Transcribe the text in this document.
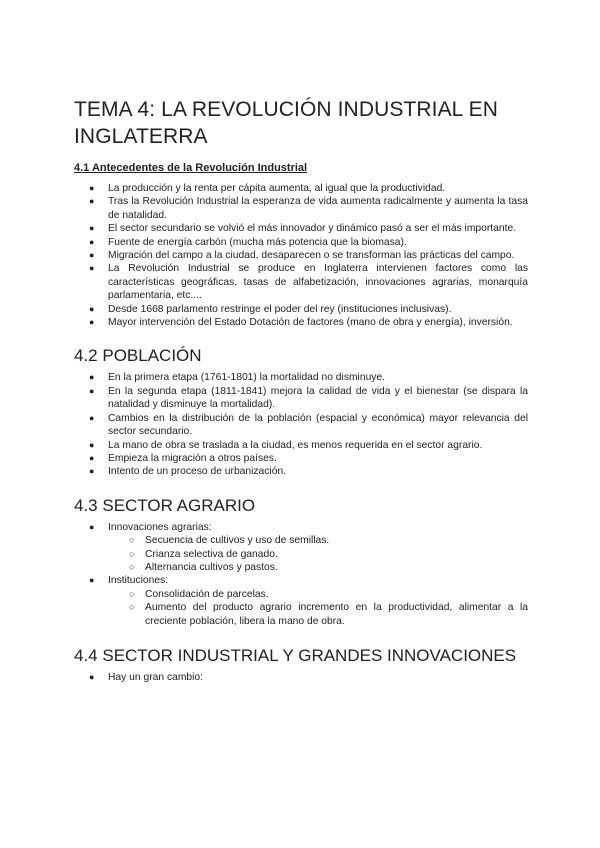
TEMA 4: LA REVOLUCIÓN INDUSTRIAL EN INGLATERRA
4.1 Antecedentes de la Revolución Industrial
● La producción y la renta per cápita aumenta, al igual que la productividad.
● Tras la Revolución Industrial la esperanza de vida aumenta radicalmente y aumenta la tasa de natalidad.
● El sector secundario se volvió el más innovador y dinámico pasó a ser el más importante.
● Fuente de energía carbón (mucha más potencia que la biomasa).
● Migración del campo a la ciudad, desaparecen o se transforman las prácticas del campo.
● La Revolución Industrial se produce en Inglaterra intervienen factores como las características geográficas, tasas de alfabetización, innovaciones agrarias, monarquía parlamentaria, etc....
● Desde 1668 parlamento restringe el poder del rey (instituciones inclusivas).
● Mayor intervención del Estado Dotación de factores (mano de obra y energía), inversión.
4.2 POBLACIÓN
● En la primera etapa (1761-1801) la mortalidad no disminuye.
● En la segunda etapa (1811-1841) mejora la calidad de vida y el bienestar (se dispara la natalidad y disminuye la mortalidad).
● Cambios en la distribución de la población (espacial y económica) mayor relevancia del sector secundario.
● La mano de obra se traslada a la ciudad, es menos requerida en el sector agrario.
● Empieza la migración a otros países.
● Intento de un proceso de urbanización.
4.3 SECTOR AGRARIO
● Innovaciones agrarias:
○ Secuencia de cultivos y uso de semillas.
○ Crianza selectiva de ganado.
○ Alternancia cultivos y pastos.
● Instituciones:
○ Consolidación de parcelas.
○ Aumento del producto agrario incremento en la productividad, alimentar a la creciente población, libera la mano de obra.
4.4 SECTOR INDUSTRIAL Y GRANDES INNOVACIONES
● Hay un gran cambio:
